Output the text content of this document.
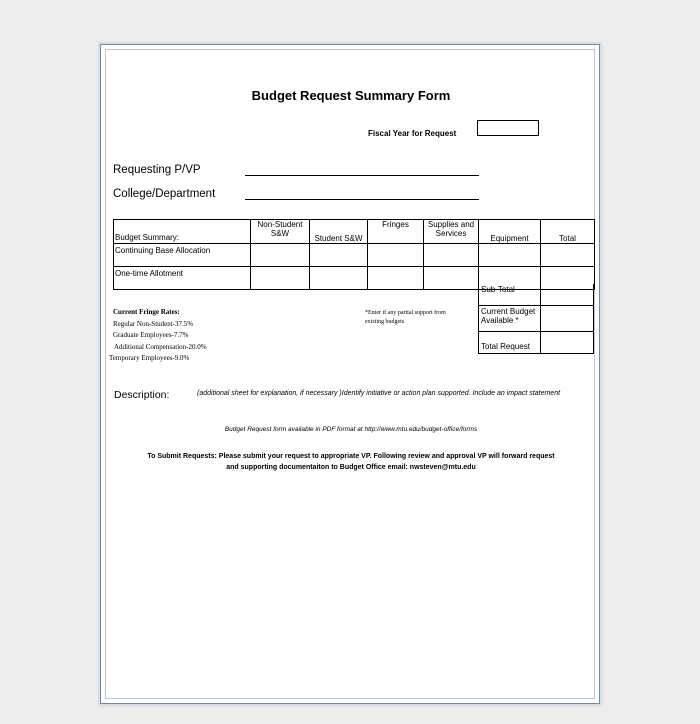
Budget Request Summary Form
Fiscal Year for Request
Requesting P/VP
College/Department
Budget Summary:	Non-Student S&W	Student S&W	Fringes	Supplies and Services	Equipment	Total
Continuing Base Allocation						
One-time Allotment						
Sub-Total
Current Budget Available *
Total Request
Current Fringe Rates:
Regular Non-Student-37.5%
Graduate Employees-7.7%
Additional Compensation-20.0%
Temporary Employees-9.0%
*Enter if any partial support from existing budgets
Description:	(additional sheet for explanation, if necessary )Identify initiative or action plan supported. Include an impact statement
Budget Request form available in PDF format at http://www.mtu.edu/budget-office/forms
To Submit Requests: Please submit your request to appropriate VP. Following review and approval VP will forward request
and supporting documentaiton to Budget Office email: nwsteven@mtu.edu
